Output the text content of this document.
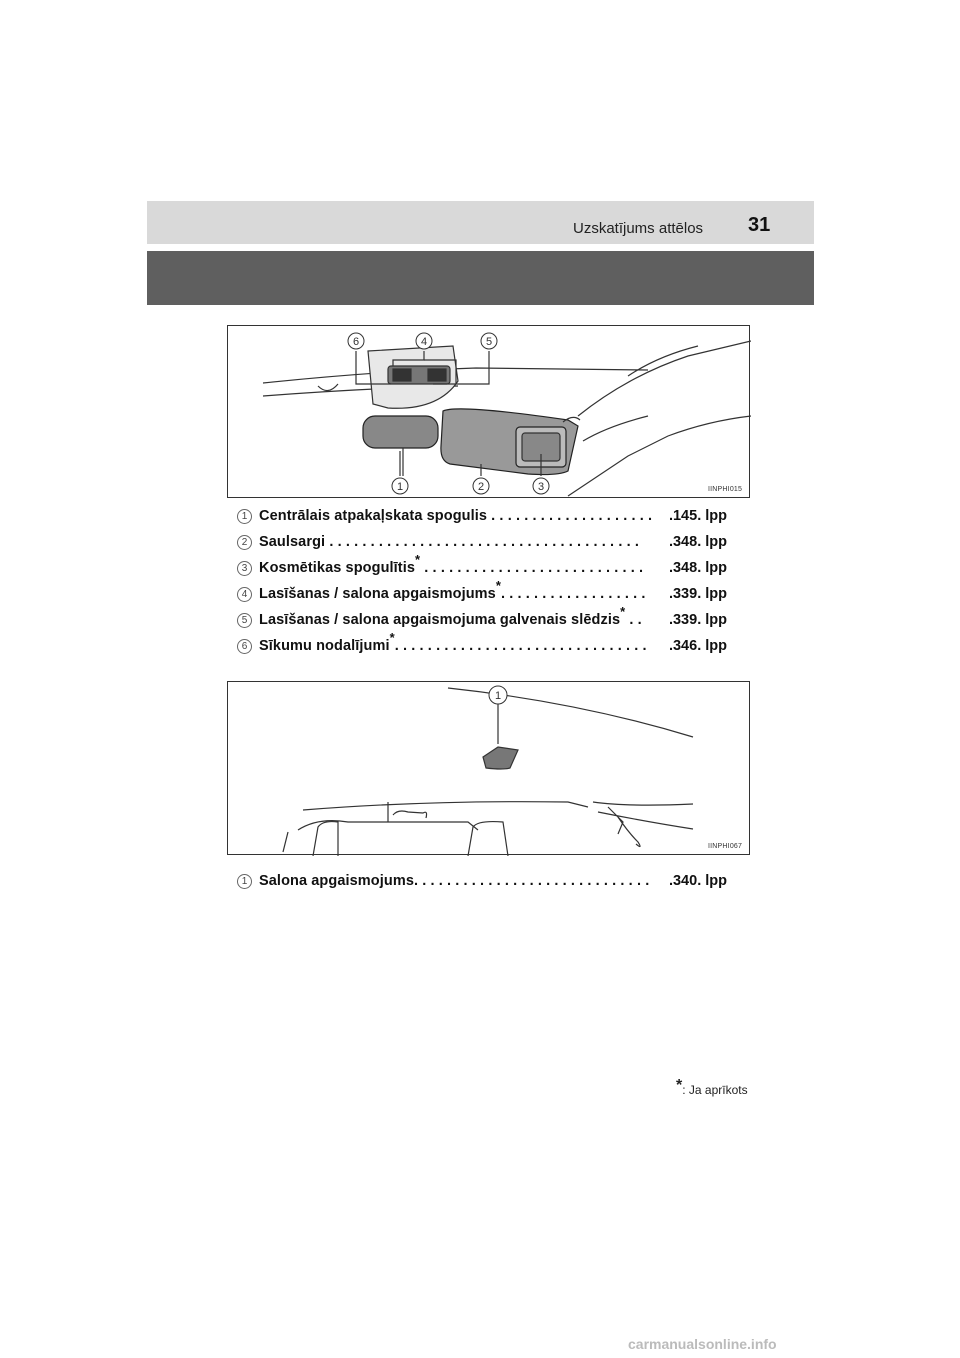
Uzskatījums attēlos 31
6	4	5
1	2	3	IINPHI015
1 Centrālais atpakaļskata spogulis . . . . . . . . . . . . . . . . . . . . .145. lpp
2 Saulsargi . . . . . . . . . . . . . . . . . . . . . . . . . . . . . . . . . . . . . . .348. lpp
3 Kosmētikas spogulītis* . . . . . . . . . . . . . . . . . . . . . . . . . . . .348. lpp
4 Lasīšanas / salona apgaismojums*. . . . . . . . . . . . . . . . . . .339. lpp
5 Lasīšanas / salona apgaismojuma galvenais slēdzis* . . .339. lpp
6 Sīkumu nodalījumi*. . . . . . . . . . . . . . . . . . . . . . . . . . . . . . . .346. lpp
1
IINPHI067
1 Salona apgaismojums. . . . . . . . . . . . . . . . . . . . . . . . . . . . . .340. lpp
*: Ja aprīkots
carmanualsonline.info
